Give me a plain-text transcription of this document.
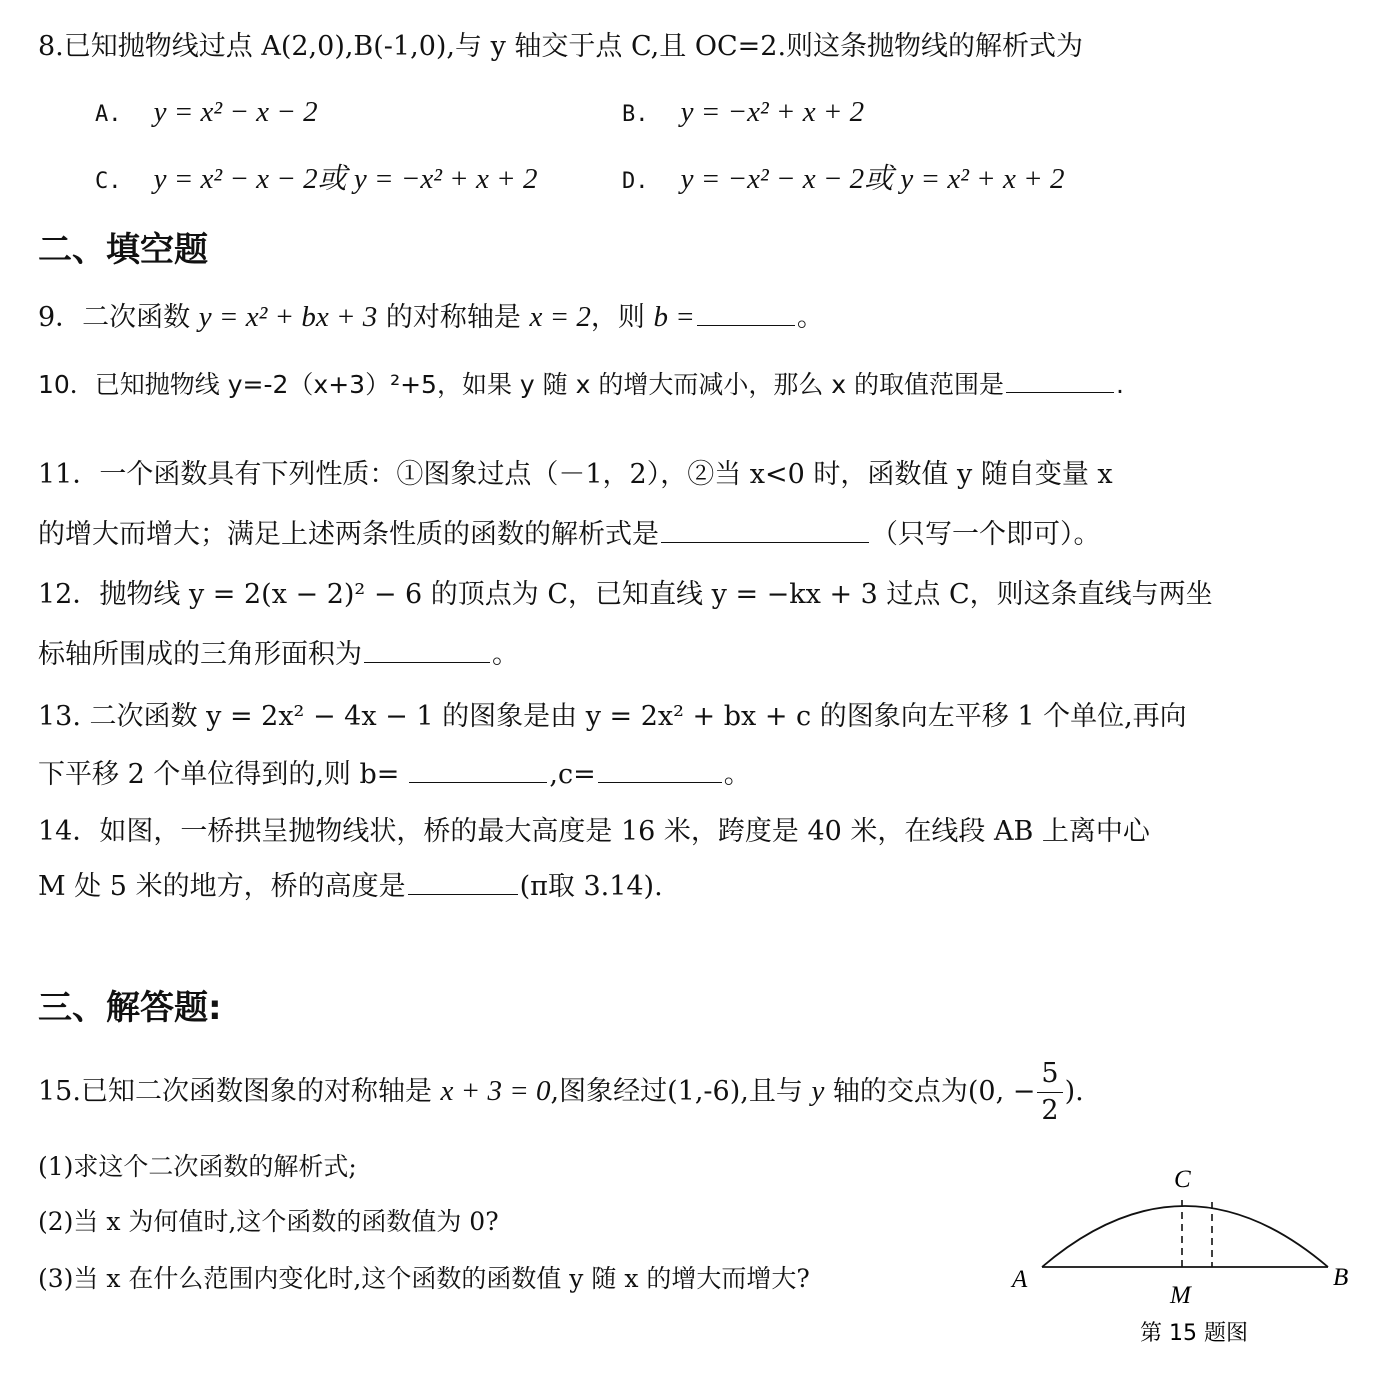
8.已知抛物线过点 A(2,0),B(-1,0),与 y 轴交于点 C,且 OC=2.则这条抛物线的解析式为
A. y = x² − x − 2	B. y = −x² + x + 2
C. y = x² − x − 2或 y = −x² + x + 2	D. y = −x² − x − 2或 y = x² + x + 2
二、填空题
9．二次函数 y = x² + bx + 3 的对称轴是 x = 2，则 b =	。
10．已知抛物线 y=-2（x+3）²+5，如果 y 随 x 的增大而减小，那么 x 的取值范围是	.
11．一个函数具有下列性质：①图象过点（－1，2），②当 x<0 时，函数值 y 随自变量 x
的增大而增大；满足上述两条性质的函数的解析式是	（只写一个即可）。
12．抛物线 y = 2(x − 2)² − 6 的顶点为 C，已知直线 y = −kx + 3 过点 C，则这条直线与两坐
标轴所围成的三角形面积为	。
13. 二次函数 y = 2x² − 4x − 1 的图象是由 y = 2x² + bx + c 的图象向左平移 1 个单位,再向
下平移 2 个单位得到的,则 b=	,c=	。
14．如图，一桥拱呈抛物线状，桥的最大高度是 16 米，跨度是 40 米，在线段 AB 上离中心
M 处 5 米的地方，桥的高度是	(π取 3.14).
三、解答题:
15.已知二次函数图象的对称轴是 x + 3 = 0,图象经过(1,-6),且与 y 轴的交点为(0, − $\frac{5}{2}$ ).
(1)求这个二次函数的解析式;
(2)当 x 为何值时,这个函数的函数值为 0?
(3)当 x 在什么范围内变化时,这个函数的函数值 y 随 x 的增大而增大?	A	B
C
M
第 15 题图
